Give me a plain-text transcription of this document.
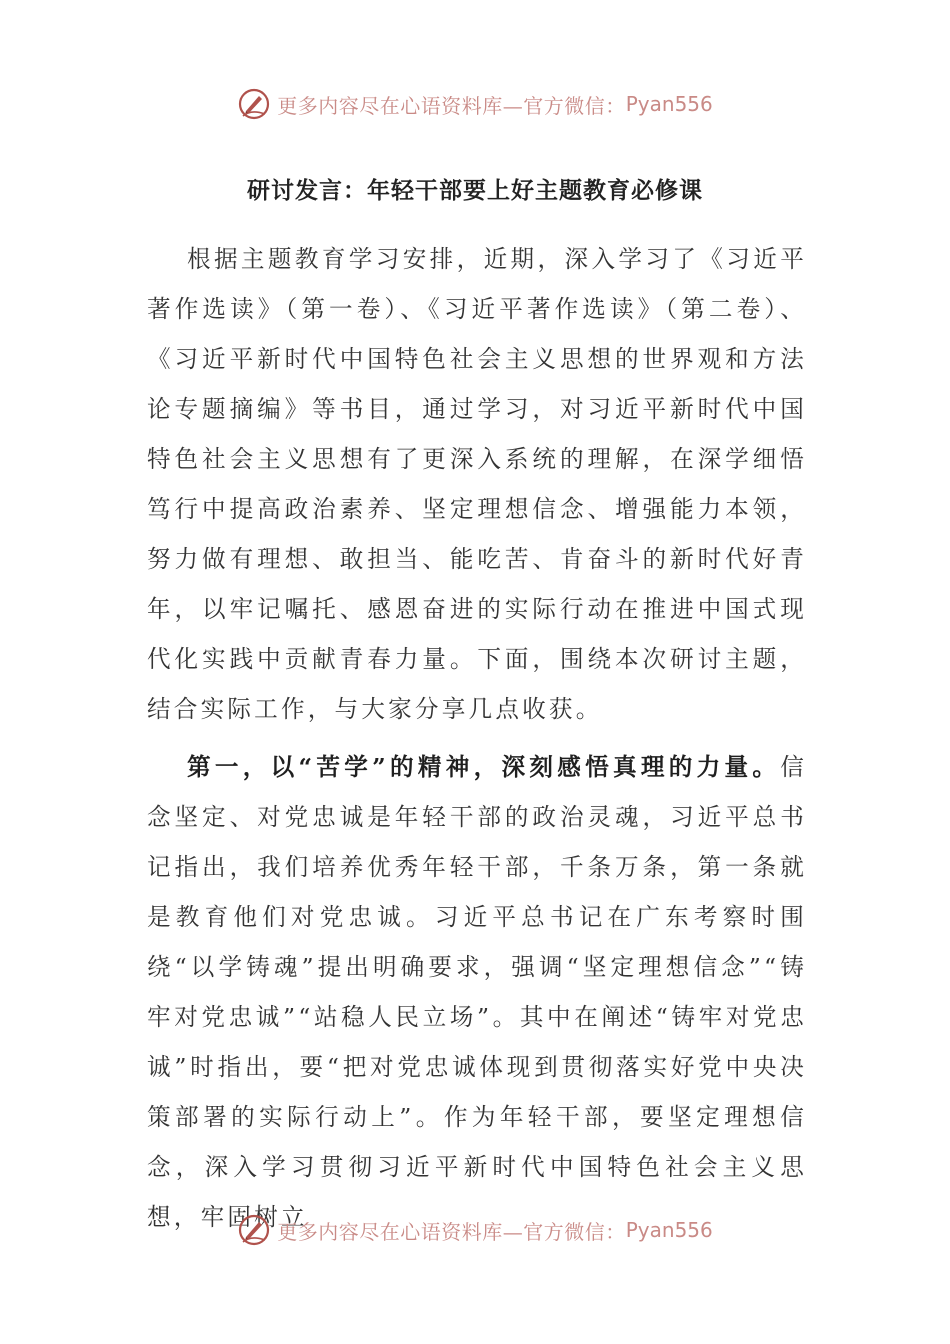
更多内容尽在心语资料库—官方微信： Pyan556
研讨发言：年轻干部要上好主题教育必修课

根据主题教育学习安排，近期，深入学习了《习近平著作选读》（第一卷）、《习近平著作选读》（第二卷）、《习近平新时代中国特色社会主义思想的世界观和方法论专题摘编》等书目，通过学习，对习近平新时代中国特色社会主义思想有了更深入系统的理解，在深学细悟笃行中提高政治素养、坚定理想信念、增强能力本领，努力做有理想、敢担当、能吃苦、肯奋斗的新时代好青年，以牢记嘱托、感恩奋进的实际行动在推进中国式现代化实践中贡献青春力量。下面，围绕本次研讨主题，结合实际工作，与大家分享几点收获。

第一，以“苦学”的精神，深刻感悟真理的力量。信念坚定、对党忠诚是年轻干部的政治灵魂，习近平总书记指出，我们培养优秀年轻干部，千条万条，第一条就是教育他们对党忠诚。习近平总书记在广东考察时围绕“以学铸魂”提出明确要求，强调“坚定理想信念”“铸牢对党忠诚”“站稳人民立场”。其中在阐述“铸牢对党忠诚”时指出，要“把对党忠诚体现到贯彻落实好党中央决策部署的实际行动上”。作为年轻干部，要坚定理想信念，深入学习贯彻习近平新时代中国特色社会主义思想，牢固树立

更多内容尽在心语资料库—官方微信： Pyan556
